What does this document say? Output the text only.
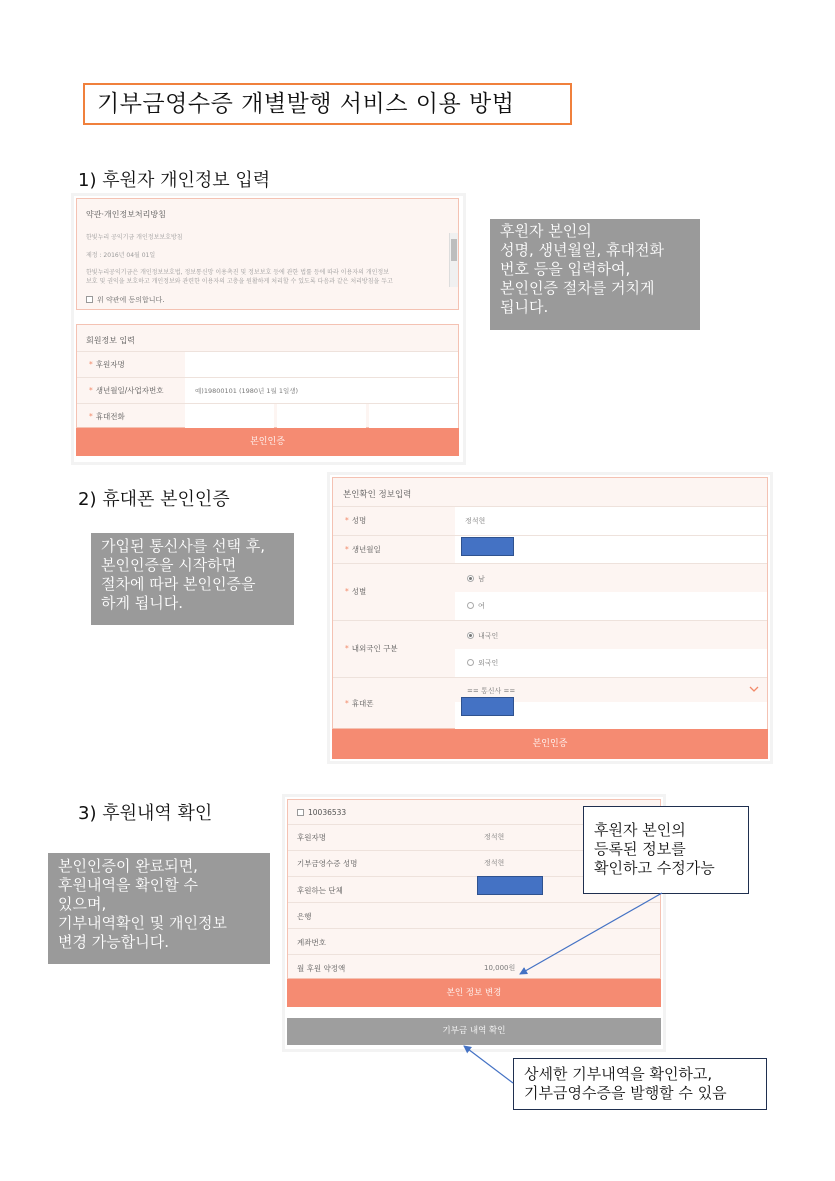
기부금영수증 개별발행 서비스 이용 방법
1) 후원자 개인정보 입력
약관·개인정보처리방침
한빛누리 공익기금 개인정보보호방침
제정 : 2016년 04월 01일
한빛누리공익기금은 개인정보보호법, 정보통신망 이용촉진 및 정보보호 등에 관한 법률 등에 따라 이용자의 개인정보
보호 및 권익을 보호하고 개인정보와 관련한 이용자의 고충을 원활하게 처리할 수 있도록 다음과 같은 처리방침을 두고
위 약관에 동의합니다.
회원정보 입력
* 후원자명
* 생년월일/사업자번호	예)19800101 (1980년 1월 1일생)
* 휴대전화
본인인증
후원자 본인의
성명, 생년월일, 휴대전화
번호 등을 입력하여,
본인인증 절차를 거치게
됩니다.
2) 휴대폰 본인인증
가입된 통신사를 선택 후,
본인인증을 시작하면
절차에 따라 본인인증을
하게 됩니다.
본인확인 정보입력
* 성명	정석현
* 생년월일
* 성별
남
여
* 내외국인 구분
내국인
외국인
* 휴대폰
== 통신사 ==
본인인증
3) 후원내역 확인
본인인증이 완료되면,
후원내역을 확인할 수
있으며,
기부내역확인 및 개인정보
변경 가능합니다.
10036533
후원자명	정석현
기부금영수증 성명	정석현
후원하는 단체
은행
계좌번호
월 후원 약정액	10,000원
본인 정보 변경
기부금 내역 확인
후원자 본인의
등록된 정보를
확인하고 수정가능
상세한 기부내역을 확인하고,
기부금영수증을 발행할 수 있음
